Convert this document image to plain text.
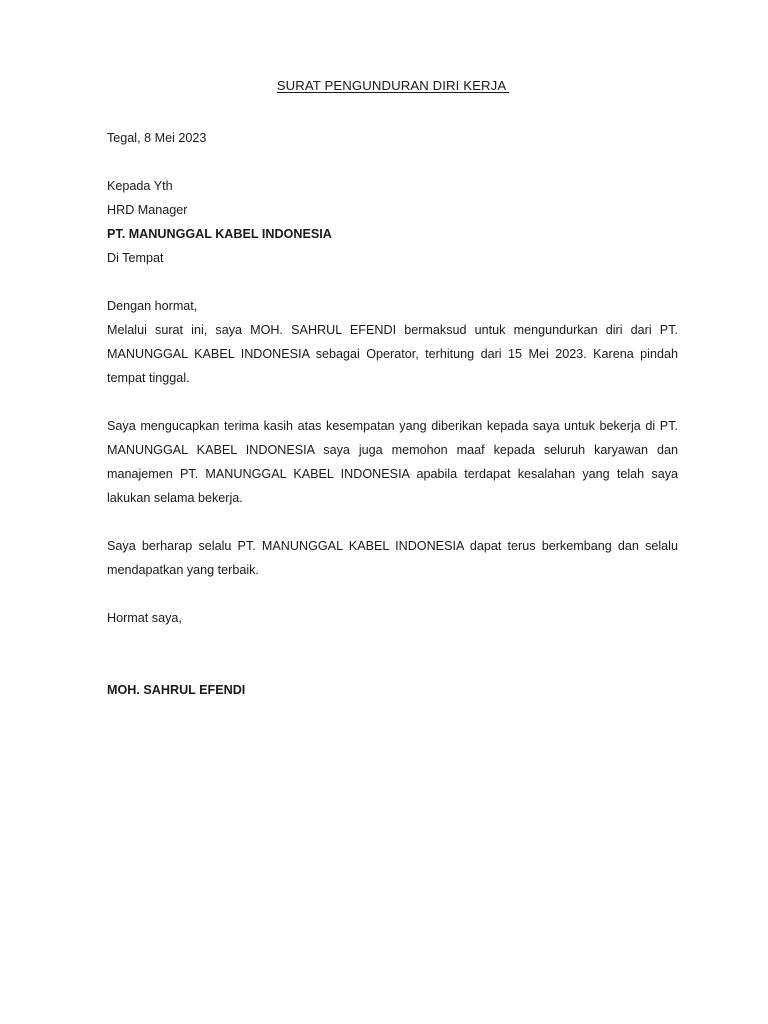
SURAT PENGUNDURAN DIRI KERJA
Tegal, 8 Mei 2023
Kepada Yth
HRD Manager
PT. MANUNGGAL KABEL INDONESIA
Di Tempat
Dengan hormat,
Melalui surat ini, saya MOH. SAHRUL EFENDI bermaksud untuk mengundurkan diri dari PT. MANUNGGAL KABEL INDONESIA sebagai Operator, terhitung dari 15 Mei 2023. Karena pindah tempat tinggal.
Saya mengucapkan terima kasih atas kesempatan yang diberikan kepada saya untuk bekerja di PT. MANUNGGAL KABEL INDONESIA saya juga memohon maaf kepada seluruh karyawan dan manajemen PT. MANUNGGAL KABEL INDONESIA apabila terdapat kesalahan yang telah saya lakukan selama bekerja.
Saya berharap selalu PT. MANUNGGAL KABEL INDONESIA dapat terus berkembang dan selalu mendapatkan yang terbaik.
Hormat saya,
MOH. SAHRUL EFENDI
